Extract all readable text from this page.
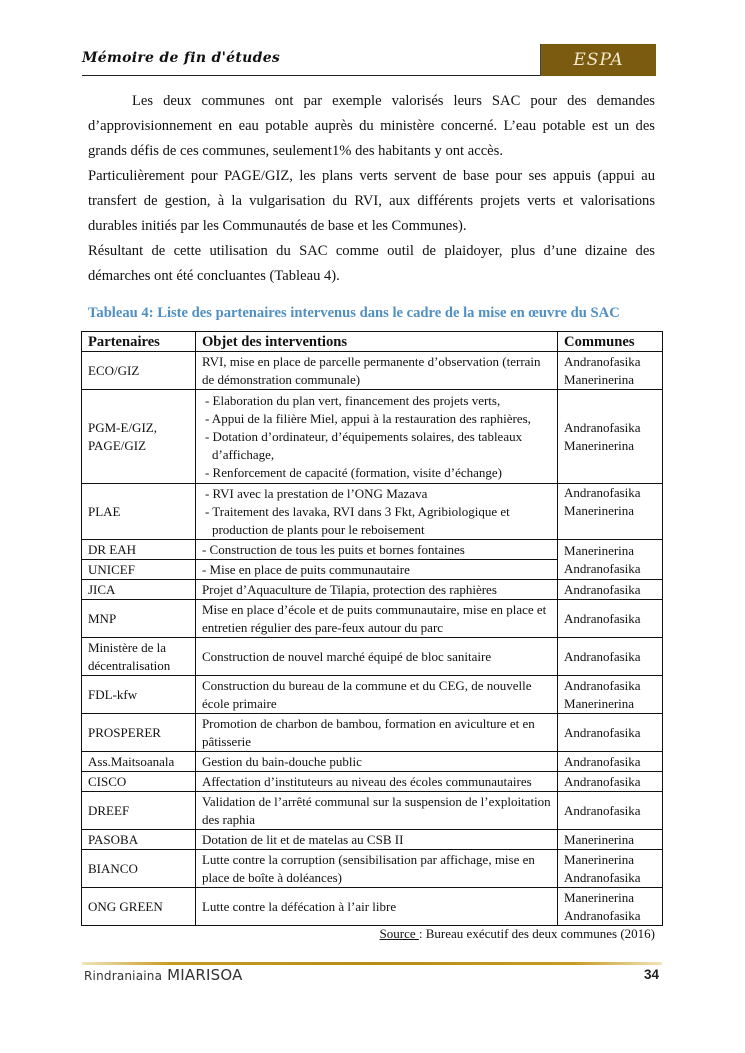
Mémoire de fin d'études	ESPA

Les deux communes ont par exemple valorisés leurs SAC pour des demandes d’approvisionnement en eau potable auprès du ministère concerné. L’eau potable est un des grands défis de ces communes, seulement1% des habitants y ont accès.

Particulièrement pour PAGE/GIZ, les plans verts servent de base pour ses appuis (appui au transfert de gestion, à la vulgarisation du RVI, aux différents projets verts et valorisations durables initiés par les Communautés de base et les Communes).

Résultant de cette utilisation du SAC comme outil de plaidoyer, plus d’une dizaine des démarches ont été concluantes (Tableau 4).

Tableau 4: Liste des partenaires intervenus dans le cadre de la mise en œuvre du SAC
Partenaires	Objet des interventions	Communes
ECO/GIZ	RVI, mise en place de parcelle permanente d’observation (terrain de démonstration communale)	Andranofasika
Manerinerina

PGM-E/GIZ, PAGE/GIZ	- Elaboration du plan vert, financement des projets verts,
- Appui de la filière Miel, appui à la restauration des raphières,
- Dotation d’ordinateur, d’équipements solaires, des tableaux d’affichage,
- Renforcement de capacité (formation, visite d’échange)	Andranofasika
Manerinerina

PLAE	- RVI avec la prestation de l’ONG Mazava
- Traitement des lavaka, RVI dans 3 Fkt, Agribiologique et production de plants pour le reboisement	Andranofasika
Manerinerina

DR EAH	- Construction de tous les puits et bornes fontaines	Manerinerina
Andranofasika

UNICEF	- Mise en place de puits communautaire	
JICA	Projet d’Aquaculture de Tilapia, protection des raphières	Andranofasika
MNP	Mise en place d’école et de puits communautaire, mise en place et entretien régulier des pare-feux autour du parc	Andranofasika
Ministère de la décentralisation	Construction de nouvel marché équipé de bloc sanitaire	Andranofasika
FDL-kfw	Construction du bureau de la commune et du CEG, de nouvelle école primaire	Andranofasika
Manerinerina

PROSPERER	Promotion de charbon de bambou, formation en aviculture et en pâtisserie	Andranofasika
Ass.Maitsoanala	Gestion du bain-douche public	Andranofasika
CISCO	Affectation d’instituteurs au niveau des écoles communautaires	Andranofasika
DREEF	Validation de l’arrêté communal sur la suspension de l’exploitation des raphia	Andranofasika
PASOBA	Dotation de lit et de matelas au CSB II	Manerinerina
BIANCO	Lutte contre la corruption (sensibilisation par affichage, mise en place de boîte à doléances)	Manerinerina
Andranofasika

ONG GREEN	Lutte contre la défécation à l’air libre	Manerinerina
Andranofasika
Source : Bureau exécutif des deux communes (2016)
Rindraniaina MIARISOA	34
